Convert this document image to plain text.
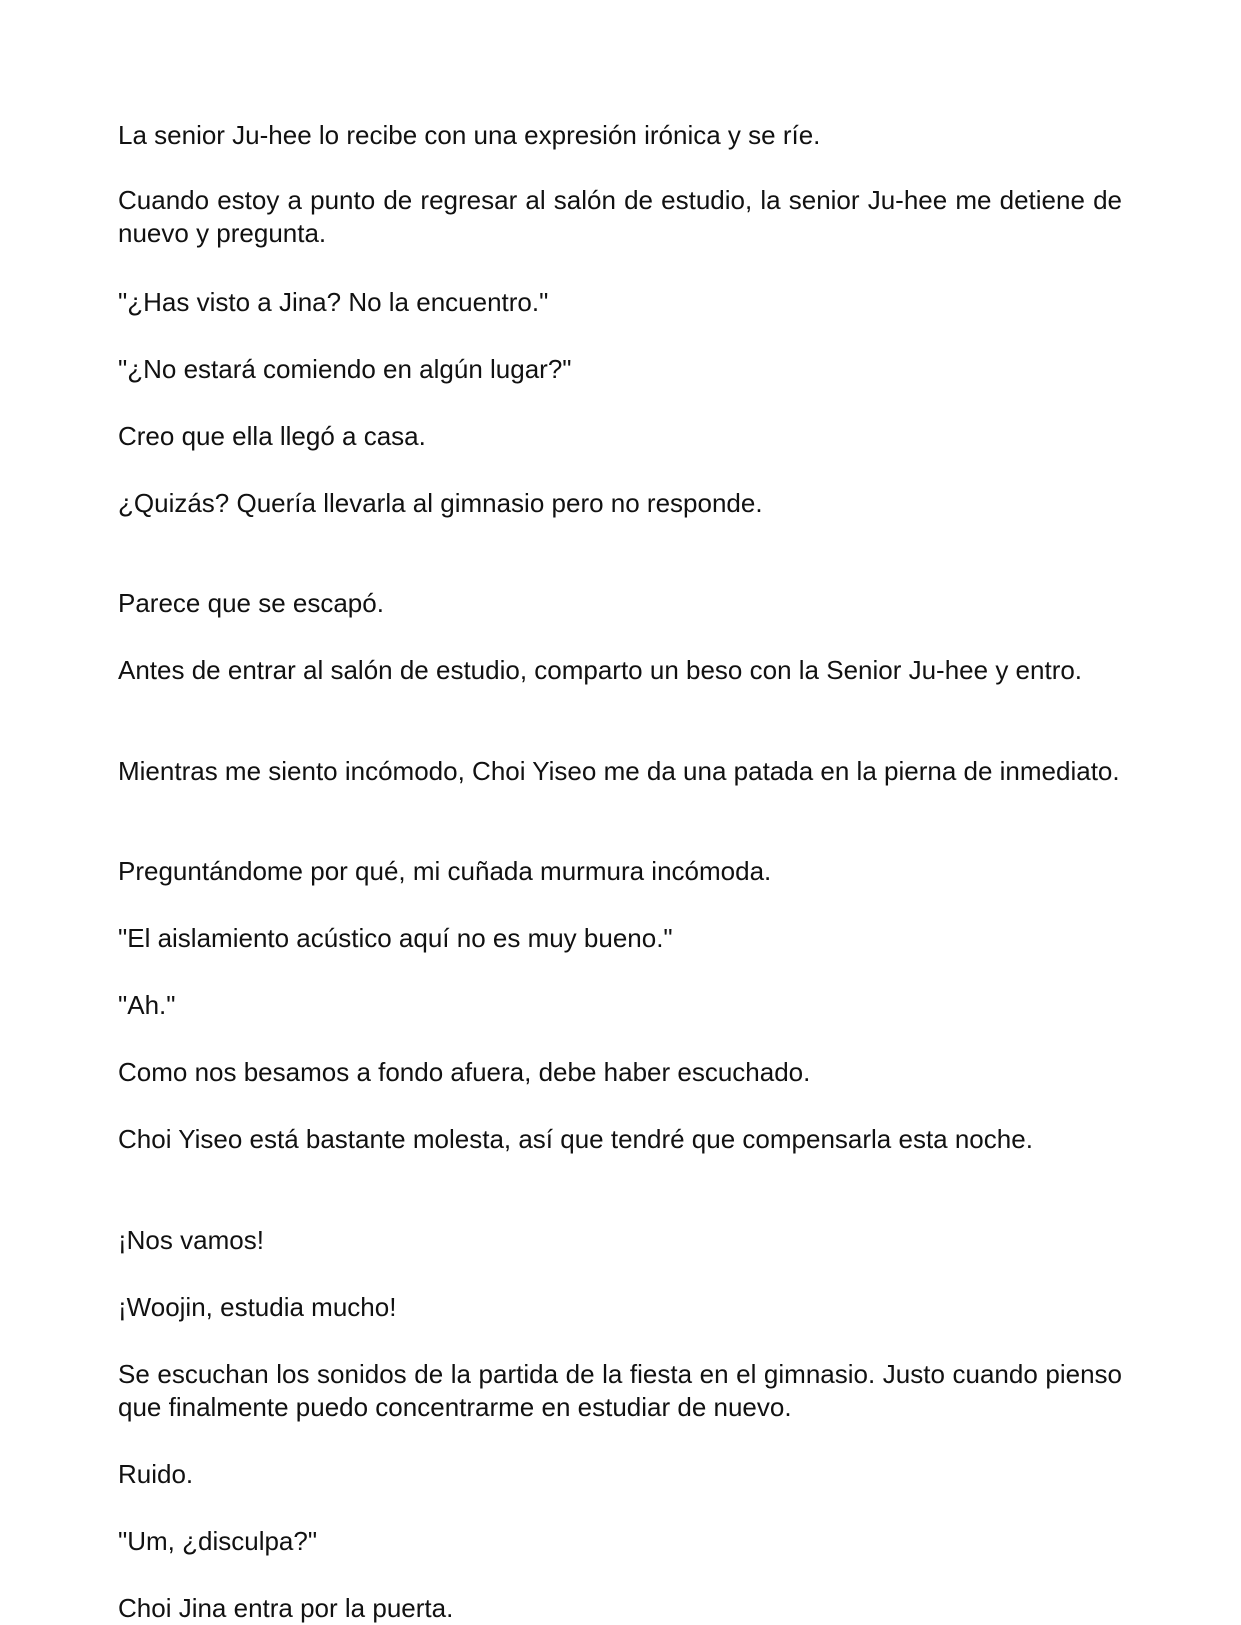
La senior Ju-hee lo recibe con una expresión irónica y se ríe.

Cuando estoy a punto de regresar al salón de estudio, la senior Ju-hee me detiene de nuevo y pregunta.

"¿Has visto a Jina? No la encuentro."

"¿No estará comiendo en algún lugar?"

Creo que ella llegó a casa.

¿Quizás? Quería llevarla al gimnasio pero no responde.

Parece que se escapó.

Antes de entrar al salón de estudio, comparto un beso con la Senior Ju-hee y entro.

Mientras me siento incómodo, Choi Yiseo me da una patada en la pierna de inmediato.

Preguntándome por qué, mi cuñada murmura incómoda.

"El aislamiento acústico aquí no es muy bueno."

"Ah."

Como nos besamos a fondo afuera, debe haber escuchado.

Choi Yiseo está bastante molesta, así que tendré que compensarla esta noche.

¡Nos vamos!

¡Woojin, estudia mucho!

Se escuchan los sonidos de la partida de la fiesta en el gimnasio. Justo cuando pienso que finalmente puedo concentrarme en estudiar de nuevo.

Ruido.

"Um, ¿disculpa?"

Choi Jina entra por la puerta.
